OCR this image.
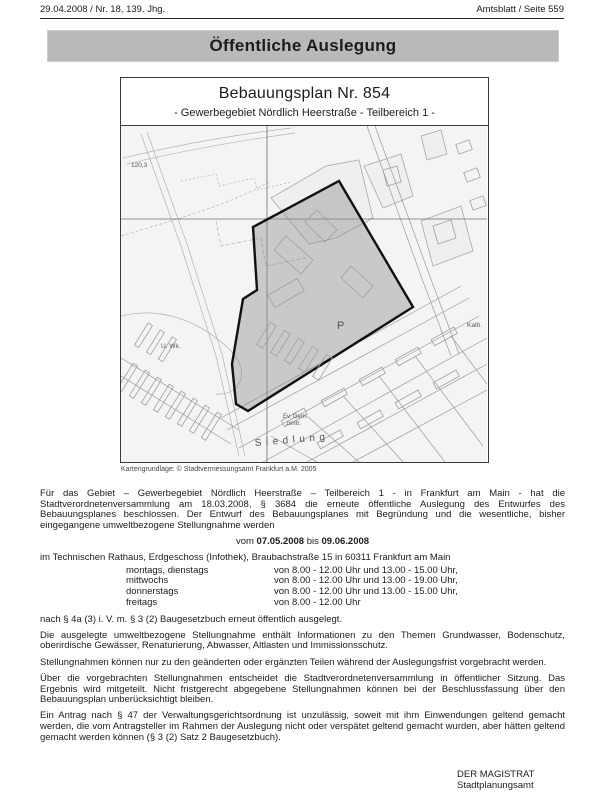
29.04.2008 / Nr. 18, 139. Jhg.	Amtsblatt / Seite 559
Öffentliche Auslegung
Bebauungsplan Nr. 854
- Gewerbegebiet Nördlich Heerstraße - Teilbereich 1 -
120,3
U. Wk.
P	Kath.
Ev. Gem.
zentr.
Siedlung
Kartengrundlage: © Stadtvermessungsamt Frankfurt a.M. 2005

Für das Gebiet – Gewerbegebiet Nördlich Heerstraße – Teilbereich 1 - in Frankfurt am Main - hat die Stadtverordnetenversammlung am 18.03.2008, § 3684 die erneute öffentliche Auslegung des Entwurfes des Bebauungsplanes beschlossen. Der Entwurf des Bebauungsplanes mit Begründung und die wesentliche, bisher eingegangene umweltbezogene Stellungnahme werden

vom 07.05.2008 bis 09.06.2008

im Technischen Rathaus, Erdgeschoss (Infothek), Braubachstraße 15 in 60311 Frankfurt am Main

montags, dienstags	von 8.00 - 12.00 Uhr und 13.00 - 15.00 Uhr,
mittwochs	von 8.00 - 12.00 Uhr und 13.00 - 19.00 Uhr,
donnerstags	von 8.00 - 12.00 Uhr und 13.00 - 15.00 Uhr,
freitags	von 8.00 - 12.00 Uhr

nach § 4a (3) i. V. m. § 3 (2) Baugesetzbuch erneut öffentlich ausgelegt.

Die ausgelegte umweltbezogene Stellungnahme enthält Informationen zu den Themen Grundwasser, Bodenschutz, oberirdische Gewässer, Renaturierung, Abwasser, Altlasten und Immissionsschutz.

Stellungnahmen können nur zu den geänderten oder ergänzten Teilen während der Auslegungsfrist vorgebracht werden.

Über die vorgebrachten Stellungnahmen entscheidet die Stadtverordnetenversammlung in öffentlicher Sitzung. Das Ergebnis wird mitgeteilt. Nicht fristgerecht abgegebene Stellungnahmen können bei der Beschlussfassung über den Bebauungsplan unberücksichtigt bleiben.

Ein Antrag nach § 47 der Verwaltungsgerichtsordnung ist unzulässig, soweit mit ihm Einwendungen geltend gemacht werden, die vom Antragsteller im Rahmen der Auslegung nicht oder verspätet geltend gemacht wurden, aber hätten geltend gemacht werden können (§ 3 (2) Satz 2 Baugesetzbuch).

DER MAGISTRAT
Stadtplanungsamt
